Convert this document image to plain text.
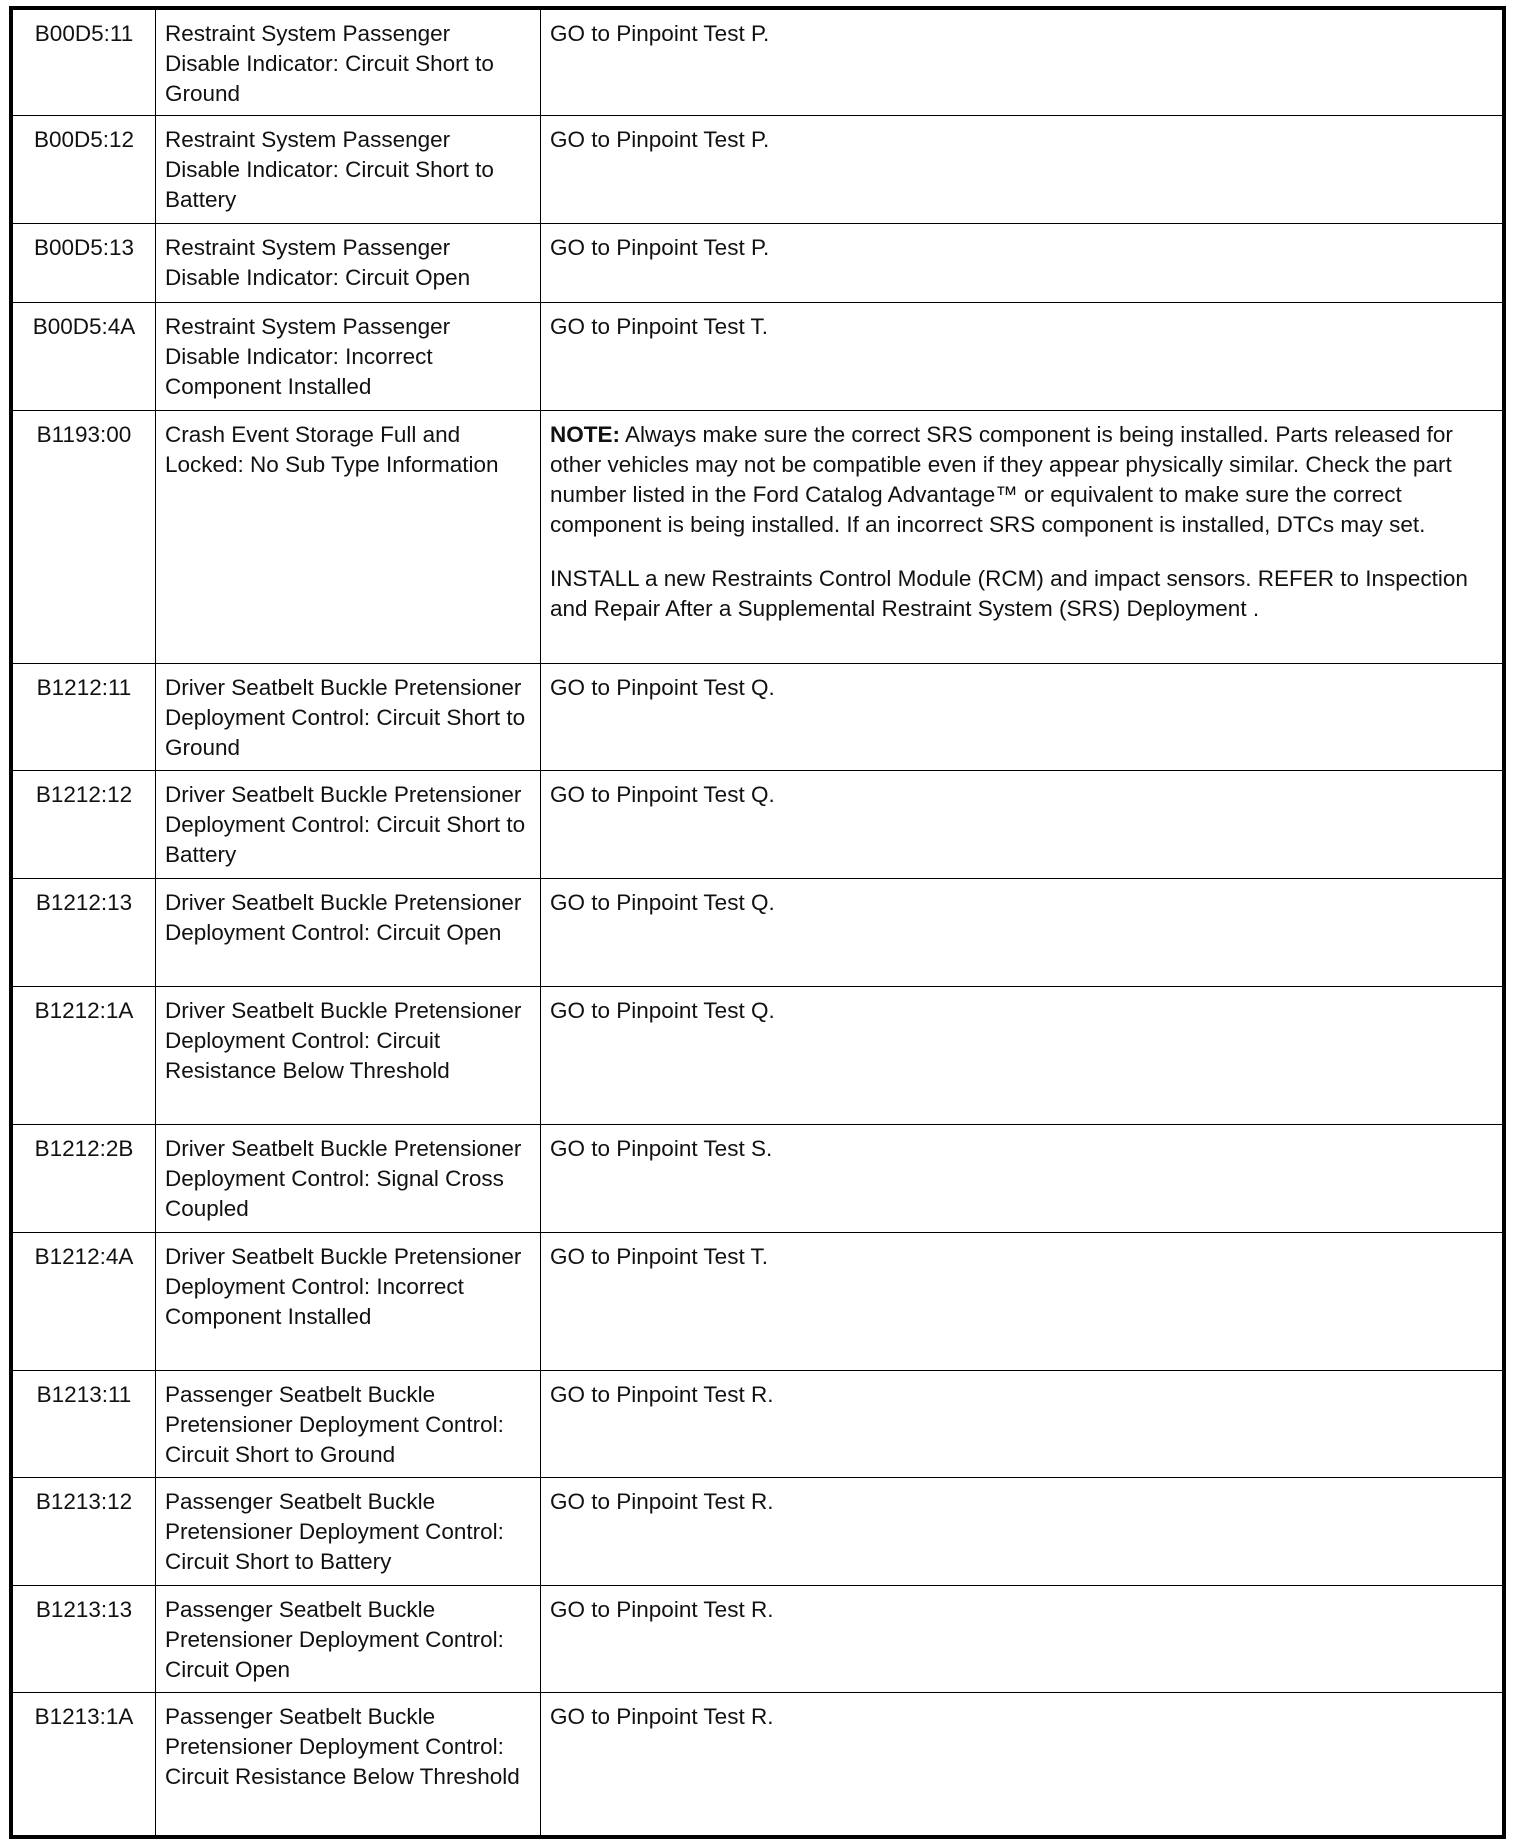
B00D5:11	Restraint System Passenger Disable Indicator: Circuit Short to Ground	GO to Pinpoint Test P.
B00D5:12	Restraint System Passenger Disable Indicator: Circuit Short to Battery	GO to Pinpoint Test P.
B00D5:13	Restraint System Passenger Disable Indicator: Circuit Open	GO to Pinpoint Test P.
B00D5:4A	Restraint System Passenger Disable Indicator: Incorrect Component Installed	GO to Pinpoint Test T.
B1193:00	Crash Event Storage Full and Locked: No Sub Type Information	NOTE: Always make sure the correct SRS component is being installed. Parts released for other vehicles may not be compatible even if they appear physically similar. Check the part number listed in the Ford Catalog Advantage™ or equivalent to make sure the correct component is being installed. If an incorrect SRS component is installed, DTCs may set.

INSTALL a new Restraints Control Module (RCM) and impact sensors. REFER to Inspection and Repair After a Supplemental Restraint System (SRS) Deployment .

B1212:11	Driver Seatbelt Buckle Pretensioner Deployment Control: Circuit Short to Ground	GO to Pinpoint Test Q.
B1212:12	Driver Seatbelt Buckle Pretensioner Deployment Control: Circuit Short to Battery	GO to Pinpoint Test Q.
B1212:13	Driver Seatbelt Buckle Pretensioner Deployment Control: Circuit Open	GO to Pinpoint Test Q.
B1212:1A	Driver Seatbelt Buckle Pretensioner Deployment Control: Circuit Resistance Below Threshold	GO to Pinpoint Test Q.
B1212:2B	Driver Seatbelt Buckle Pretensioner Deployment Control: Signal Cross Coupled	GO to Pinpoint Test S.
B1212:4A	Driver Seatbelt Buckle Pretensioner Deployment Control: Incorrect Component Installed	GO to Pinpoint Test T.
B1213:11	Passenger Seatbelt Buckle Pretensioner Deployment Control: Circuit Short to Ground	GO to Pinpoint Test R.
B1213:12	Passenger Seatbelt Buckle Pretensioner Deployment Control: Circuit Short to Battery	GO to Pinpoint Test R.
B1213:13	Passenger Seatbelt Buckle Pretensioner Deployment Control: Circuit Open	GO to Pinpoint Test R.
B1213:1A	Passenger Seatbelt Buckle Pretensioner Deployment Control: Circuit Resistance Below Threshold	GO to Pinpoint Test R.
